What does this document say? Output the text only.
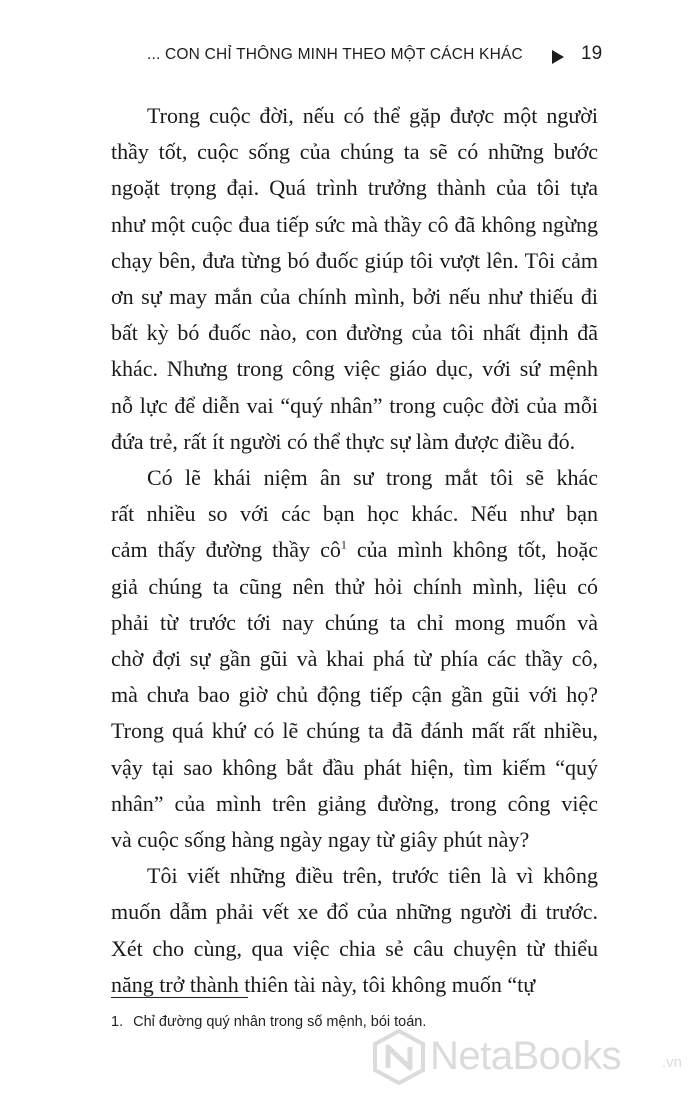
... CON CHỈ THÔNG MINH THEO MỘT CÁCH KHÁC	19

Trong cuộc đời, nếu có thể gặp được một người
thầy tốt, cuộc sống của chúng ta sẽ có những bước
ngoặt trọng đại. Quá trình trưởng thành của tôi tựa
như một cuộc đua tiếp sức mà thầy cô đã không ngừng
chạy bên, đưa từng bó đuốc giúp tôi vượt lên. Tôi cảm
ơn sự may mắn của chính mình, bởi nếu như thiếu đi
bất kỳ bó đuốc nào, con đường của tôi nhất định đã
khác. Nhưng trong công việc giáo dục, với sứ mệnh
nỗ lực để diễn vai “quý nhân” trong cuộc đời của mỗi
đứa trẻ, rất ít người có thể thực sự làm được điều đó.

Có lẽ khái niệm ân sư trong mắt tôi sẽ khác
rất nhiều so với các bạn học khác. Nếu như bạn
cảm thấy đường thầy cô$^1$ của mình không tốt, hoặc
giả chúng ta cũng nên thử hỏi chính mình, liệu có
phải từ trước tới nay chúng ta chỉ mong muốn và
chờ đợi sự gần gũi và khai phá từ phía các thầy cô,
mà chưa bao giờ chủ động tiếp cận gần gũi với họ?
Trong quá khứ có lẽ chúng ta đã đánh mất rất nhiều,
vậy tại sao không bắt đầu phát hiện, tìm kiếm “quý
nhân” của mình trên giảng đường, trong công việc
và cuộc sống hàng ngày ngay từ giây phút này?

Tôi viết những điều trên, trước tiên là vì không
muốn dẫm phải vết xe đổ của những người đi trước.
Xét cho cùng, qua việc chia sẻ câu chuyện từ thiểu
năng trở thành thiên tài này, tôi không muốn “tự

1. Chỉ đường quý nhân trong số mệnh, bói toán.
NetaBooks	.vn
